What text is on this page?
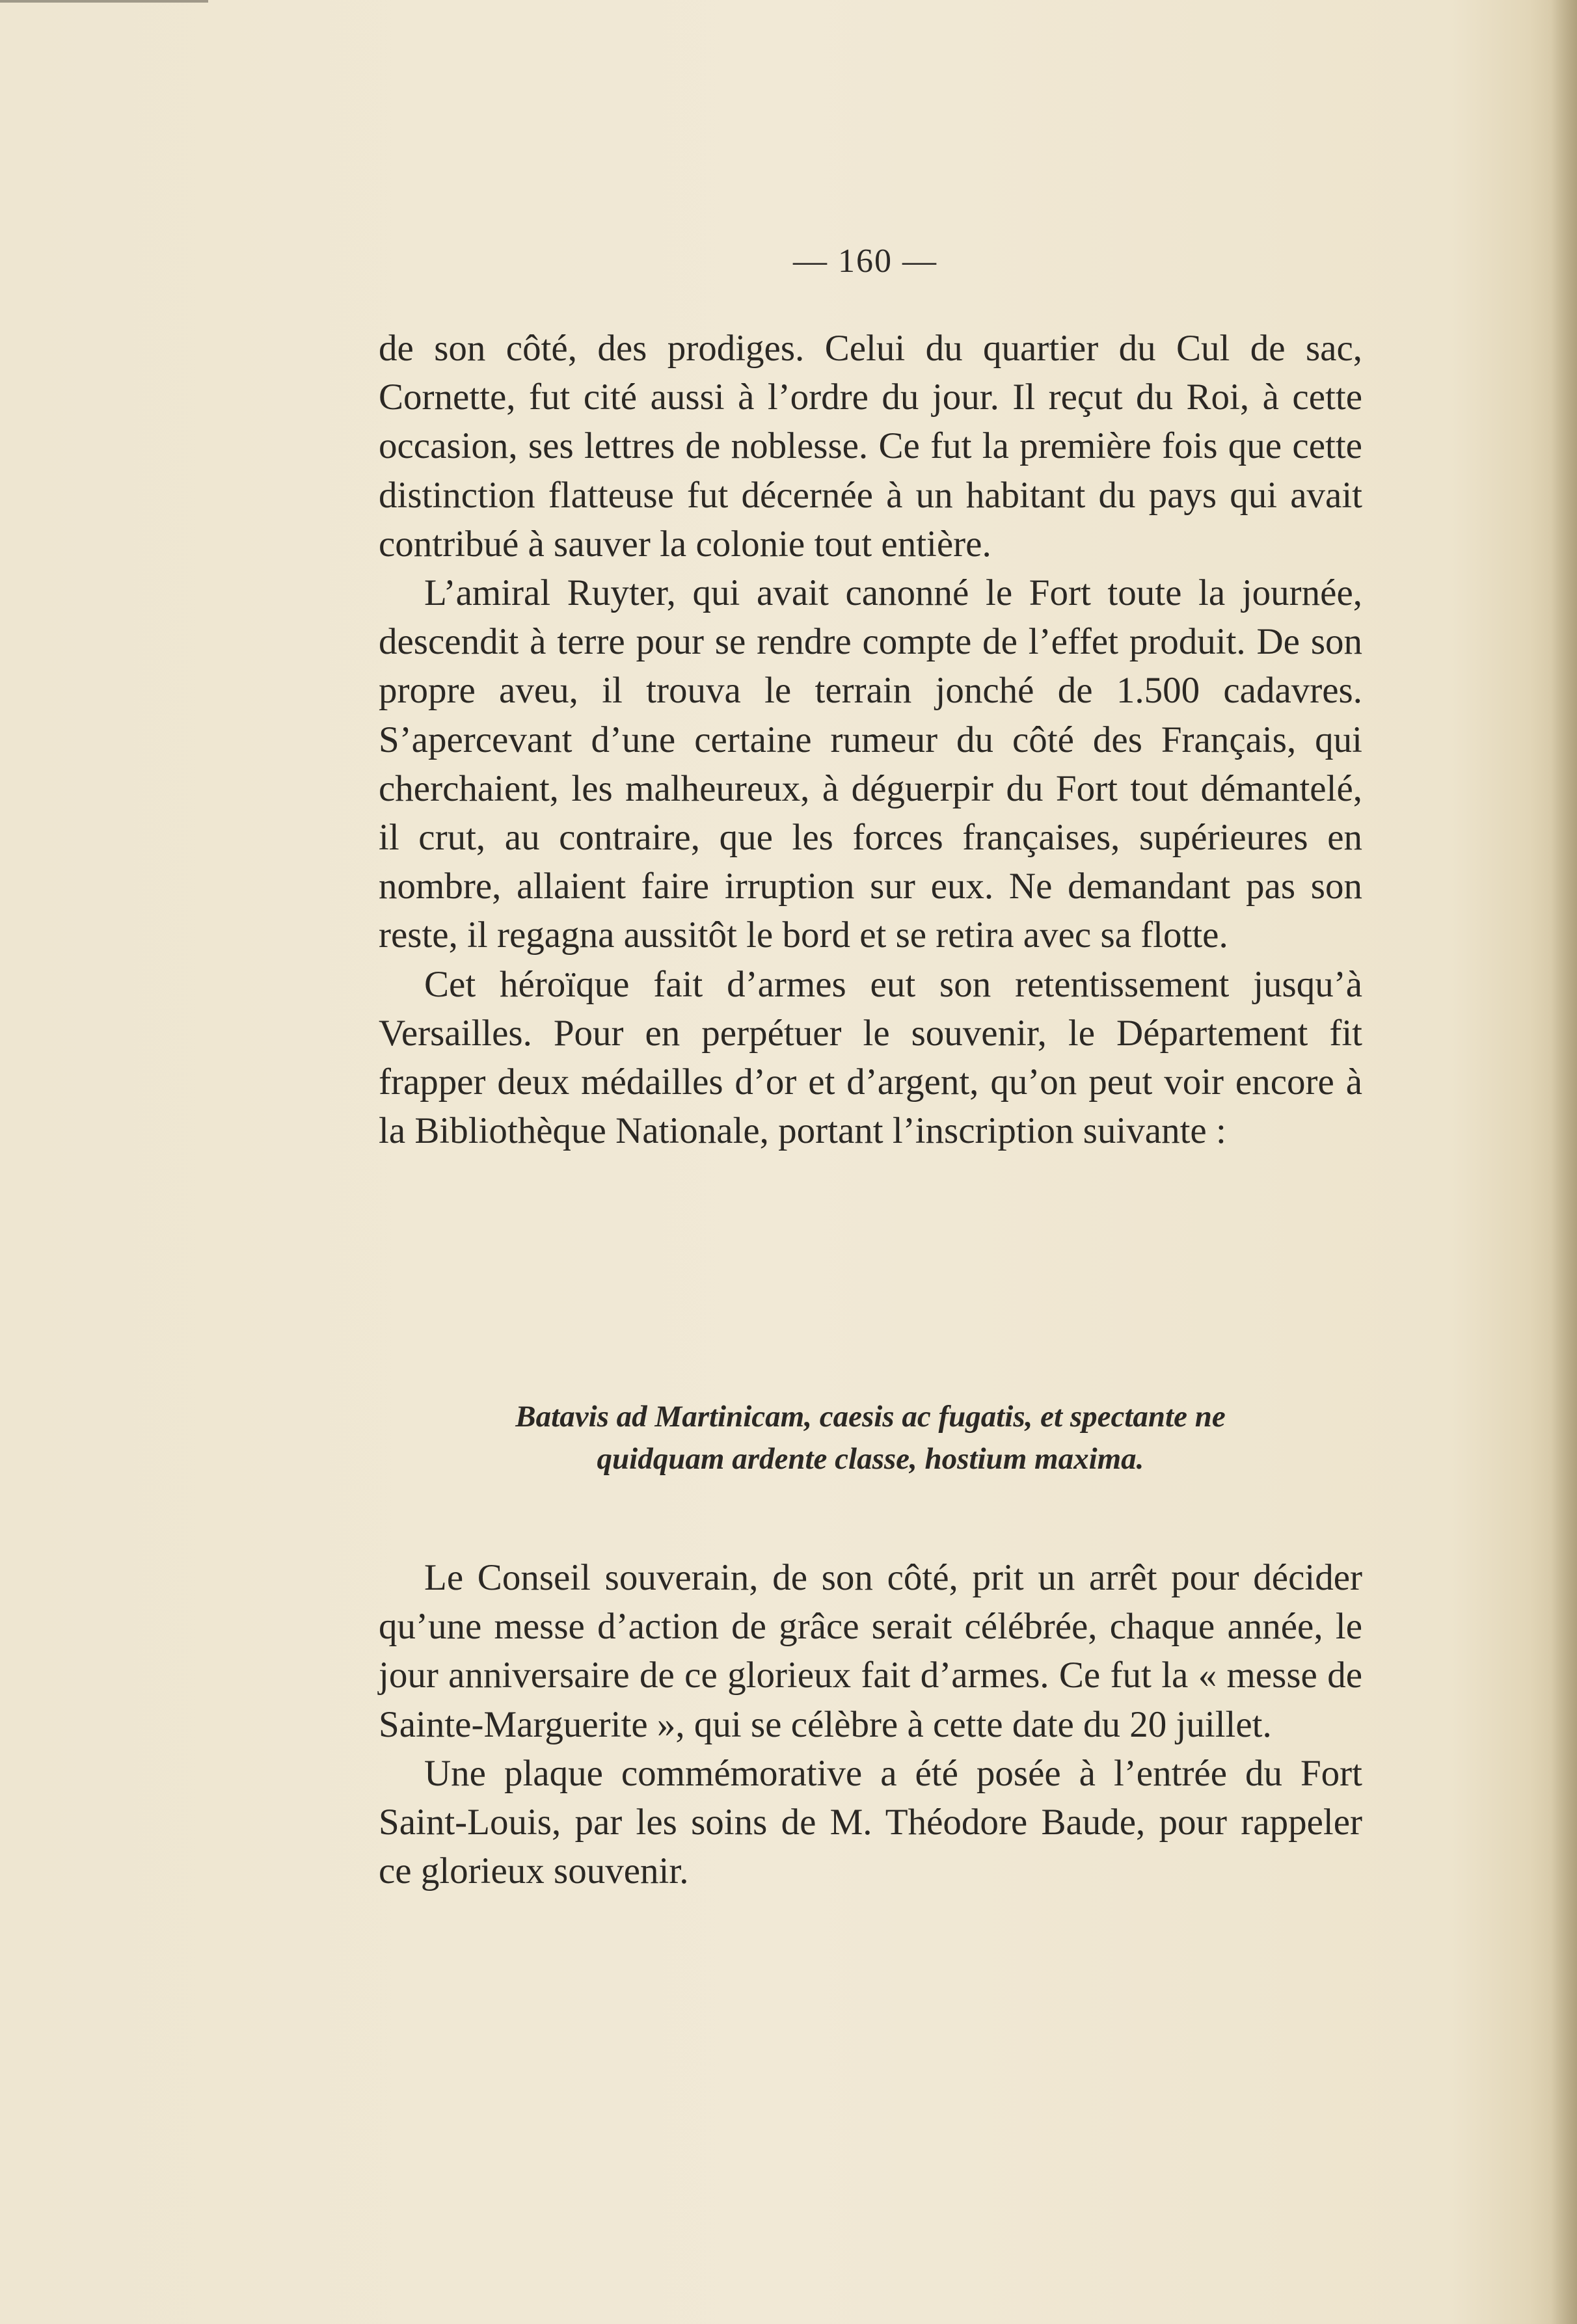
— 160 —

de son côté, des prodiges. Celui du quartier du Cul de sac, Cornette, fut cité aussi à l’ordre du jour. Il reçut du Roi, à cette occasion, ses lettres de noblesse. Ce fut la première fois que cette distinction flatteuse fut décernée à un habitant du pays qui avait contribué à sauver la colonie tout entière.

L’amiral Ruyter, qui avait canonné le Fort toute la journée, descendit à terre pour se rendre compte de l’effet produit. De son propre aveu, il trouva le terrain jonché de 1.500 cadavres. S’apercevant d’une certaine rumeur du côté des Français, qui cherchaient, les malheureux, à déguerpir du Fort tout démantelé, il crut, au contraire, que les forces françaises, supérieures en nombre, allaient faire irruption sur eux. Ne demandant pas son reste, il regagna aussitôt le bord et se retira avec sa flotte.

Cet héroïque fait d’armes eut son retentissement jusqu’à Versailles. Pour en perpétuer le souvenir, le Département fit frapper deux médailles d’or et d’argent, qu’on peut voir encore à la Bibliothèque Nationale, portant l’inscription suivante :

Batavis ad Martinicam, caesis ac fugatis, et spectante ne
quidquam ardente classe, hostium maxima.

Le Conseil souverain, de son côté, prit un arrêt pour décider qu’une messe d’action de grâce serait célébrée, chaque année, le jour anniversaire de ce glorieux fait d’armes. Ce fut la « messe de Sainte-Marguerite », qui se célèbre à cette date du 20 juillet.

Une plaque commémorative a été posée à l’entrée du Fort Saint-Louis, par les soins de M. Théodore Baude, pour rappeler ce glorieux souvenir.
